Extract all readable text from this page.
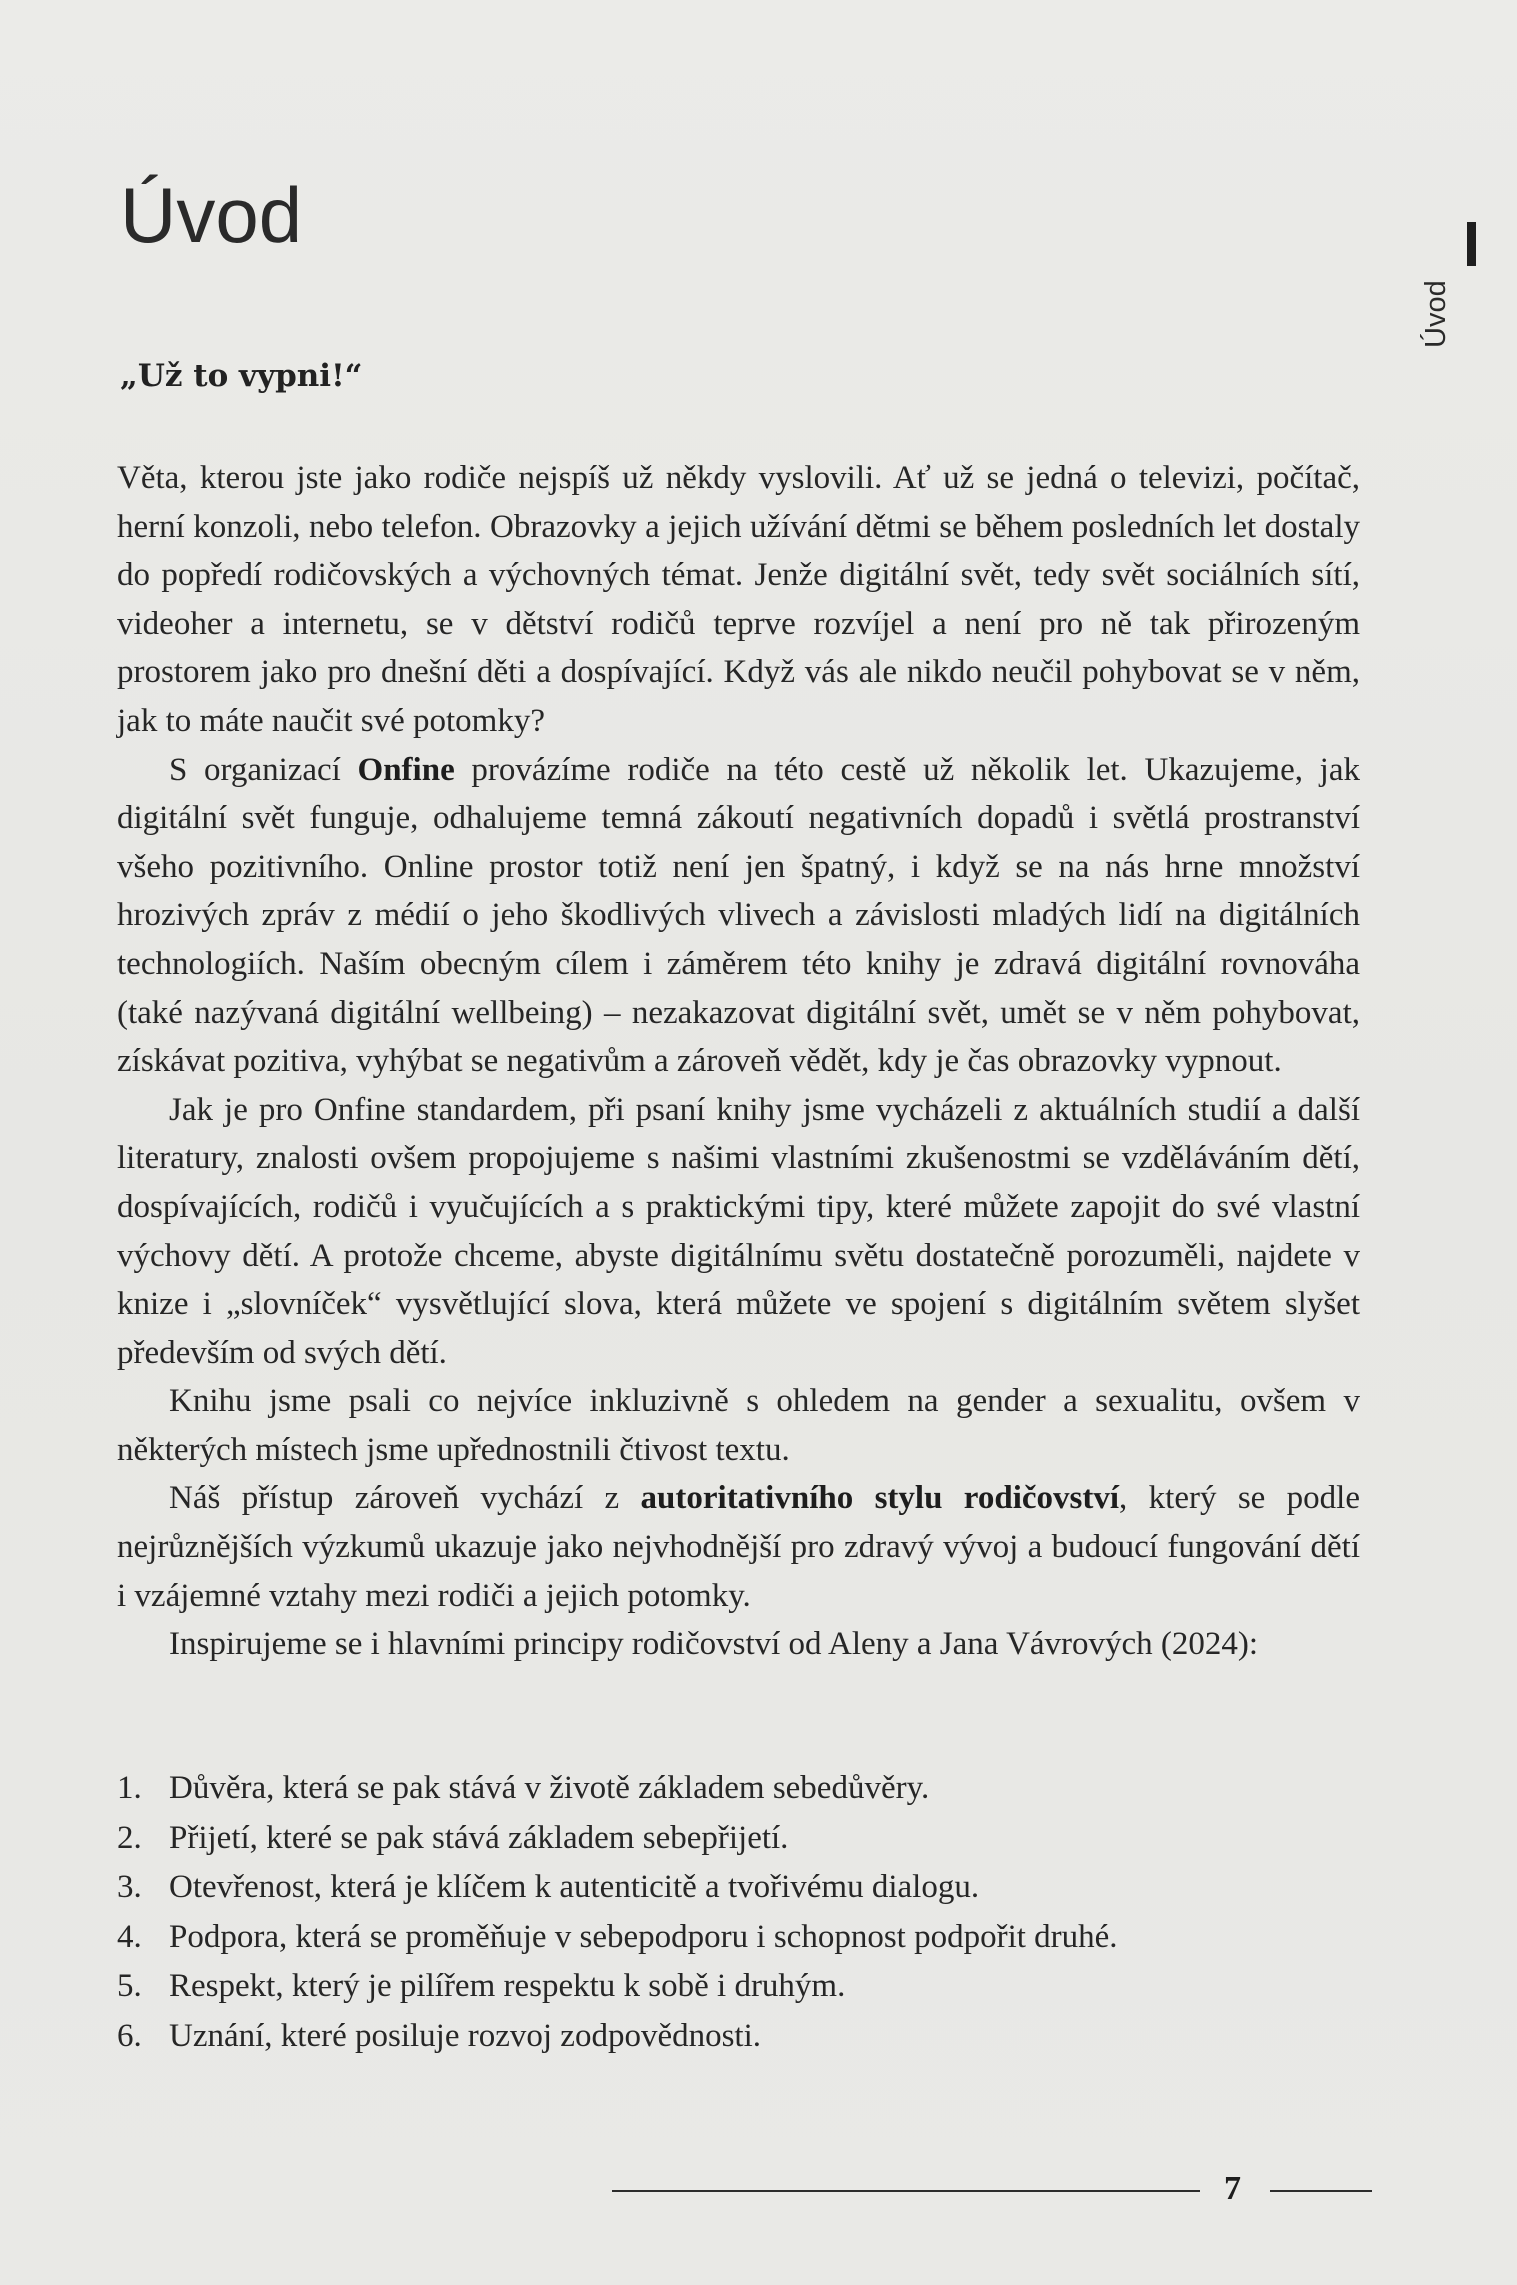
Úvod
Úvod
„Už to vypni!“

Věta, kterou jste jako rodiče nejspíš už někdy vyslovili. Ať už se jedná o televizi, počítač, herní konzoli, nebo telefon. Obrazovky a jejich užívání dětmi se během posledních let dostaly do popředí rodičovských a výchovných témat. Jenže digitální svět, tedy svět sociálních sítí, videoher a internetu, se v dětství rodičů teprve rozvíjel a není pro ně tak přirozeným prostorem jako pro dnešní děti a dospívající. Když vás ale nikdo neučil pohybovat se v něm, jak to máte naučit své potomky?

S organizací Onfine provázíme rodiče na této cestě už několik let. Ukazujeme, jak digitální svět funguje, odhalujeme temná zákoutí negativních dopadů i světlá prostranství všeho pozitivního. Online prostor totiž není jen špatný, i když se na nás hrne množství hrozivých zpráv z médií o jeho škodlivých vlivech a závislosti mladých lidí na digitálních technologiích. Naším obecným cílem i záměrem této knihy je zdravá digitální rovnováha (také nazývaná digitální wellbeing) – nezakazovat digitální svět, umět se v něm pohybovat, získávat pozitiva, vyhýbat se negativům a zároveň vědět, kdy je čas obrazovky vypnout.

Jak je pro Onfine standardem, při psaní knihy jsme vycházeli z aktuálních studií a další literatury, znalosti ovšem propojujeme s našimi vlastními zkušenostmi se vzděláváním dětí, dospívajících, rodičů i vyučujících a s praktickými tipy, které můžete zapojit do své vlastní výchovy dětí. A protože chceme, abyste digitálnímu světu dostatečně porozuměli, najdete v knize i „slovníček“ vysvětlující slova, která můžete ve spojení s digitálním světem slyšet především od svých dětí.

Knihu jsme psali co nejvíce inkluzivně s ohledem na gender a sexualitu, ovšem v některých místech jsme upřednostnili čtivost textu.

Náš přístup zároveň vychází z autoritativního stylu rodičovství, který se podle nejrůznějších výzkumů ukazuje jako nejvhodnější pro zdravý vývoj a budoucí fungování dětí i vzájemné vztahy mezi rodiči a jejich potomky.

Inspirujeme se i hlavními principy rodičovství od Aleny a Jana Vávrových (2024):

1. Důvěra, která se pak stává v životě základem sebedůvěry.
2. Přijetí, které se pak stává základem sebepřijetí.
3. Otevřenost, která je klíčem k autenticitě a tvořivému dialogu.
4. Podpora, která se proměňuje v sebepodporu i schopnost podpořit druhé.
5. Respekt, který je pilířem respektu k sobě i druhým.
6. Uznání, které posiluje rozvoj zodpovědnosti.
7
